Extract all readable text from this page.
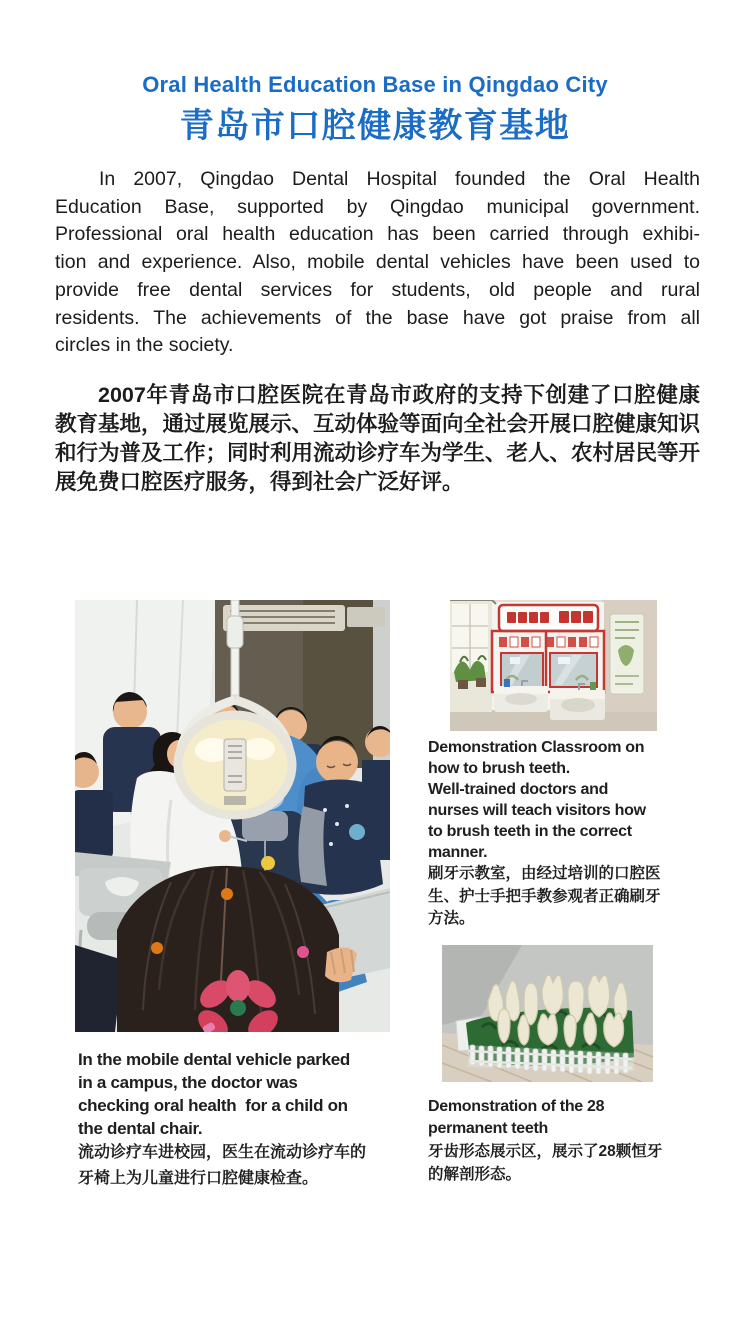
Oral Health Education Base in Qingdao City
青岛市口腔健康教育基地
In 2007, Qingdao Dental Hospital founded the Oral Health
Education Base, supported by Qingdao municipal government.
Professional oral health education has been carried through exhibi-
tion and experience. Also, mobile dental vehicles have been used to
provide free dental services for students, old people and rural
residents. The achievements of the base have got praise from all
circles in the society.
2007年青岛市口腔医院在青岛市政府的支持下创建了口腔健康
教育基地，通过展览展示、互动体验等面向全社会开展口腔健康知识
和行为普及工作；同时利用流动诊疗车为学生、老人、农村居民等开
展免费口腔医疗服务，得到社会广泛好评。
In the mobile dental vehicle parked
in a campus, the doctor was
checking oral health  for a child on
the dental chair.
流动诊疗车进校园，医生在流动诊疗车的
牙椅上为儿童进行口腔健康检查。
Demonstration Classroom on
how to brush teeth.
Well-trained doctors and
nurses will teach visitors how
to brush teeth in the correct
manner.
刷牙示教室，由经过培训的口腔医
生、护士手把手教参观者正确刷牙
方法。
Demonstration of the 28
permanent teeth
牙齿形态展示区，展示了28颗恒牙
的解剖形态。
